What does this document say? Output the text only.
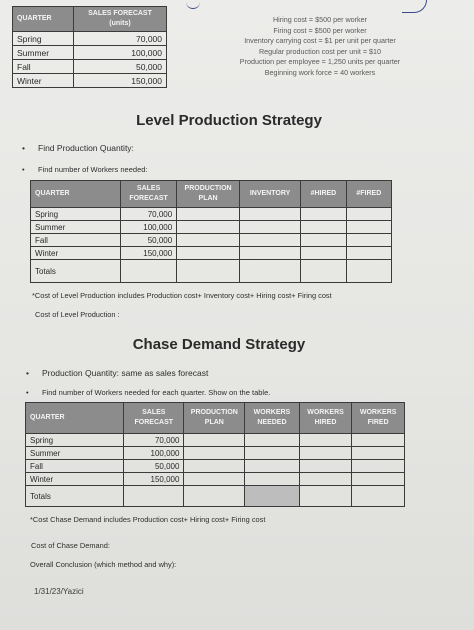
QUARTER	SALES FORECAST (units)
Spring	70,000
Summer	100,000
Fall	50,000
Winter	150,000
Hiring cost = $500 per worker
Firing cost = $500 per worker
Inventory carrying cost = $1 per unit per quarter
Regular production cost per unit = $10
Production per employee = 1,250 units per quarter
Beginning work force = 40 workers
Level Production Strategy
• Find Production Quantity:
• Find number of Workers needed:
QUARTER	SALES FORECAST	PRODUCTION PLAN	INVENTORY	#HIRED	#FIRED
Spring	70,000				
Summer	100,000				
Fall	50,000				
Winter	150,000				
Totals					
*Cost of Level Production includes Production cost+ Inventory cost+ Hiring cost+ Firing cost
Cost of Level Production :
Chase Demand Strategy
• Production Quantity: same as sales forecast
• Find number of Workers needed for each quarter. Show on the table.
QUARTER	SALES FORECAST	PRODUCTION PLAN	WORKERS NEEDED	WORKERS HIRED	WORKERS FIRED
Spring	70,000				
Summer	100,000				
Fall	50,000				
Winter	150,000				
Totals					
*Cost Chase Demand includes Production cost+ Hiring cost+ Firing cost
Cost of Chase Demand:
Overall Conclusion (which method and why):
1/31/23/Yazici
